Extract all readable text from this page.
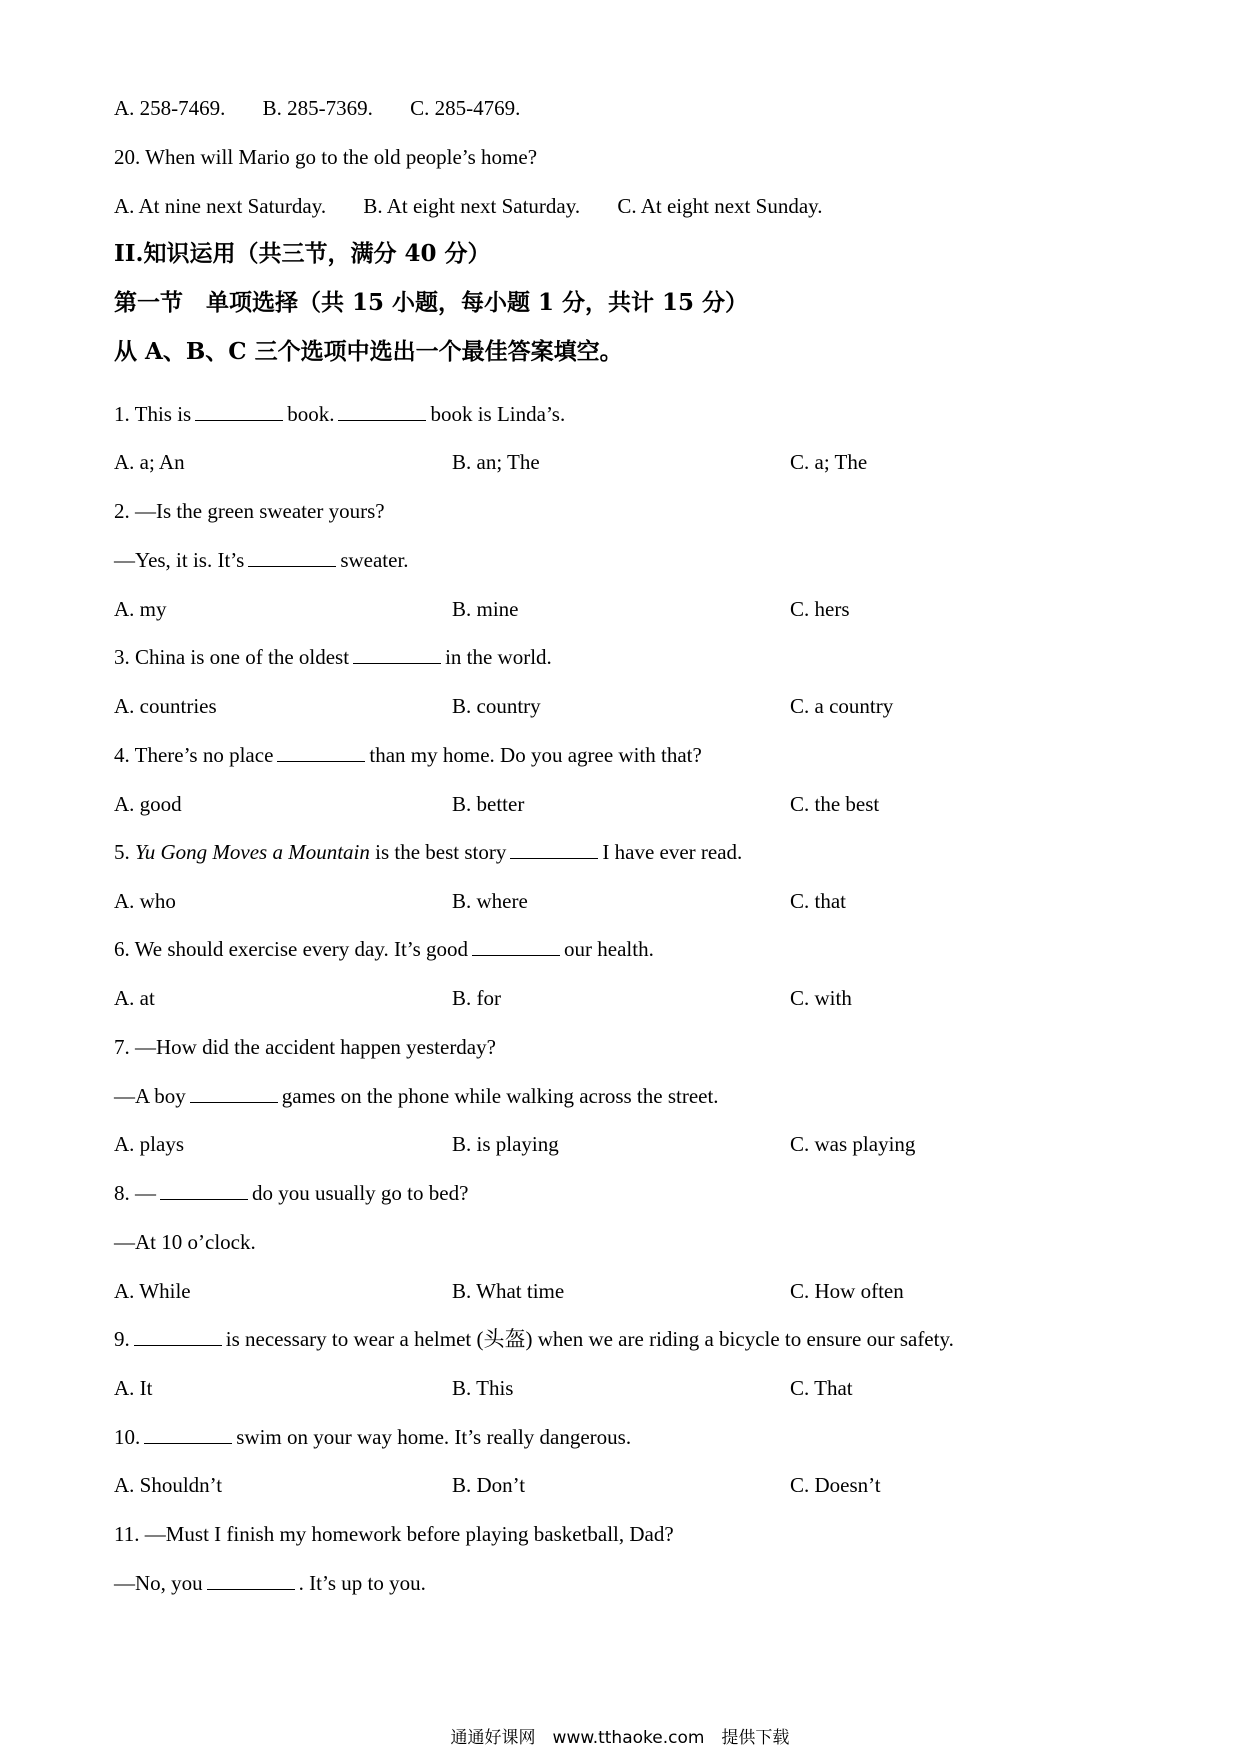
A. 258-7469. B. 285-7369. C. 285-4769.
20. When will Mario go to the old people’s home?
A. At nine next Saturday. B. At eight next Saturday. C. At eight next Sunday.
II.知识运用（共三节，满分 40 分）
第一节　单项选择（共 15 小题，每小题 1 分，共计 15 分）
从 A、B、C 三个选项中选出一个最佳答案填空。
1. This is	book.	book is Linda’s.
A. a; An	B. an; The	C. a; The
2. —Is the green sweater yours?
—Yes, it is. It’s	sweater.
A. my	B. mine	C. hers
3. China is one of the oldest	in the world.
A. countries	B. country	C. a country
4. There’s no place	than my home. Do you agree with that?
A. good	B. better	C. the best
5. Yu Gong Moves a Mountain is the best story	I have ever read.
A. who	B. where	C. that
6. We should exercise every day. It’s good	our health.
A. at	B. for	C. with
7. —How did the accident happen yesterday?
—A boy	games on the phone while walking across the street.
A. plays	B. is playing	C. was playing
8. —	do you usually go to bed?
—At 10 o’clock.
A. While	B. What time	C. How often
9.	is necessary to wear a helmet (头盔) when we are riding a bicycle to ensure our safety.
A. It	B. This	C. That
10.	swim on your way home. It’s really dangerous.
A. Shouldn’t	B. Don’t	C. Doesn’t
11. —Must I finish my homework before playing basketball, Dad?
—No, you	. It’s up to you.
通通好课网　www.tthaoke.com　提供下载
